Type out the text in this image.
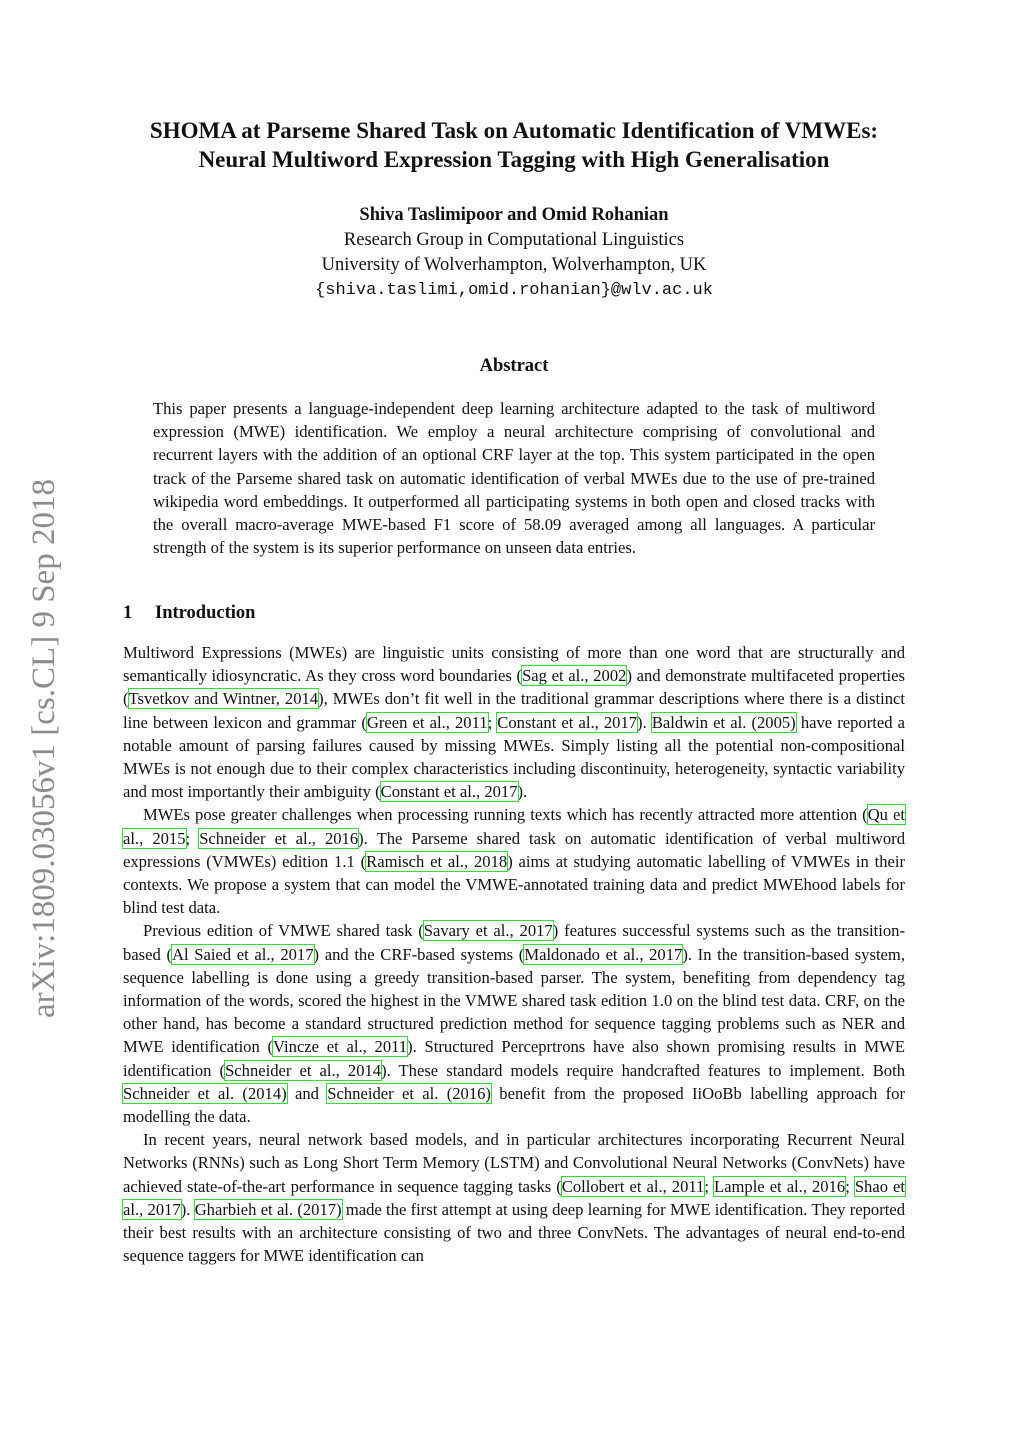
arXiv:1809.03056v1 [cs.CL] 9 Sep 2018
SHOMA at Parseme Shared Task on Automatic Identification of VMWEs:
Neural Multiword Expression Tagging with High Generalisation
Shiva Taslimipoor and Omid Rohanian
Research Group in Computational Linguistics
University of Wolverhampton, Wolverhampton, UK
{shiva.taslimi,omid.rohanian}@wlv.ac.uk
Abstract
This paper presents a language-independent deep learning architecture adapted to the task of multiword expression (MWE) identification. We employ a neural architecture comprising of convolutional and recurrent layers with the addition of an optional CRF layer at the top. This system participated in the open track of the Parseme shared task on automatic identification of verbal MWEs due to the use of pre-trained wikipedia word embeddings. It outperformed all participating systems in both open and closed tracks with the overall macro-average MWE-based F1 score of 58.09 averaged among all languages. A particular strength of the system is its superior performance on unseen data entries.
1 Introduction

Multiword Expressions (MWEs) are linguistic units consisting of more than one word that are structurally and semantically idiosyncratic. As they cross word boundaries (Sag et al., 2002) and demonstrate multifaceted properties (Tsvetkov and Wintner, 2014), MWEs don’t fit well in the traditional grammar descriptions where there is a distinct line between lexicon and grammar (Green et al., 2011; Constant et al., 2017). Baldwin et al. (2005) have reported a notable amount of parsing failures caused by missing MWEs. Simply listing all the potential non-compositional MWEs is not enough due to their complex characteristics including discontinuity, heterogeneity, syntactic variability and most importantly their ambiguity (Constant et al., 2017).

MWEs pose greater challenges when processing running texts which has recently attracted more attention (Qu et al., 2015; Schneider et al., 2016). The Parseme shared task on automatic identification of verbal multiword expressions (VMWEs) edition 1.1 (Ramisch et al., 2018) aims at studying automatic labelling of VMWEs in their contexts. We propose a system that can model the VMWE-annotated training data and predict MWEhood labels for blind test data.

Previous edition of VMWE shared task (Savary et al., 2017) features successful systems such as the transition-based (Al Saied et al., 2017) and the CRF-based systems (Maldonado et al., 2017). In the transition-based system, sequence labelling is done using a greedy transition-based parser. The system, benefiting from dependency tag information of the words, scored the highest in the VMWE shared task edition 1.0 on the blind test data. CRF, on the other hand, has become a standard structured prediction method for sequence tagging problems such as NER and MWE identification (Vincze et al., 2011). Structured Perceprtrons have also shown promising results in MWE identification (Schneider et al., 2014). These standard models require handcrafted features to implement. Both Schneider et al. (2014) and Schneider et al. (2016) benefit from the proposed IiOoBb labelling approach for modelling the data.

In recent years, neural network based models, and in particular architectures incorporating Recurrent Neural Networks (RNNs) such as Long Short Term Memory (LSTM) and Convolutional Neural Networks (ConvNets) have achieved state-of-the-art performance in sequence tagging tasks (Collobert et al., 2011; Lample et al., 2016; Shao et al., 2017). Gharbieh et al. (2017) made the first attempt at using deep learning for MWE identification. They reported their best results with an architecture consisting of two and three ConvNets. The advantages of neural end-to-end sequence taggers for MWE identification can
